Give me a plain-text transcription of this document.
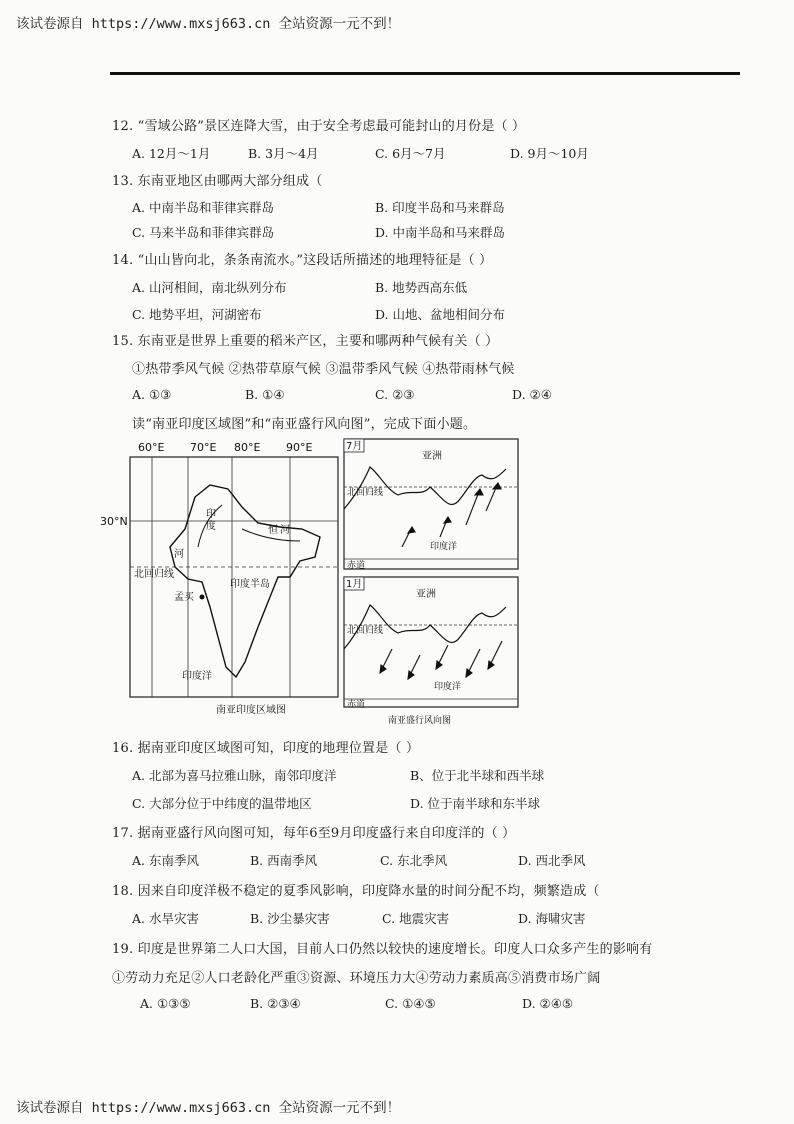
该试卷源自 https://www.mxsj663.cn 全站资源一元不到！
12. “雪域公路”景区连降大雪，由于安全考虑最可能封山的月份是（ ）
A. 12月～1月	B. 3月～4月	C. 6月～7月	D. 9月～10月
13. 东南亚地区由哪两大部分组成（
A. 中南半岛和菲律宾群岛	B. 印度半岛和马来群岛
C. 马来半岛和菲律宾群岛	D. 中南半岛和马来群岛
14. “山山皆向北，条条南流水。”这段话所描述的地理特征是（ ）
A. 山河相间，南北纵列分布	B. 地势西高东低
C. 地势平坦，河湖密布	D. 山地、盆地相间分布
15. 东南亚是世界上重要的稻米产区，主要和哪两种气候有关（ ）
①热带季风气候 ②热带草原气候 ③温带季风气候 ④热带雨林气候
A. ①③	B. ①④	C. ②③	D. ②④
读“南亚印度区域图”和“南亚盛行风向图”，完成下面小题。
60°E 70°E 80°E 90°E
30°N
印
度
河
北回归线
孟买
印度半岛
印度洋
恒 河
南亚印度区域图
7月
亚洲
北回归线
赤道
印度洋
1月
亚洲
北回归线
赤道
印度洋
南亚盛行风向图
16. 据南亚印度区域图可知，印度的地理位置是（ ）
A. 北部为喜马拉雅山脉，南邻印度洋	B、位于北半球和西半球
C. 大部分位于中纬度的温带地区	D. 位于南半球和东半球
17. 据南亚盛行风向图可知，每年6至9月印度盛行来自印度洋的（ ）
A. 东南季风	B. 西南季风	C. 东北季风	D. 西北季风
18. 因来自印度洋极不稳定的夏季风影响，印度降水量的时间分配不均，频繁造成（
A. 水旱灾害	B. 沙尘暴灾害	C. 地震灾害	D. 海啸灾害
19. 印度是世界第二人口大国，目前人口仍然以较快的速度增长。印度人口众多产生的影响有
①劳动力充足②人口老龄化严重③资源、环境压力大④劳动力素质高⑤消费市场广阔
A. ①③⑤	B. ②③④	C. ①④⑤	D. ②④⑤
该试卷源自 https://www.mxsj663.cn 全站资源一元不到！
